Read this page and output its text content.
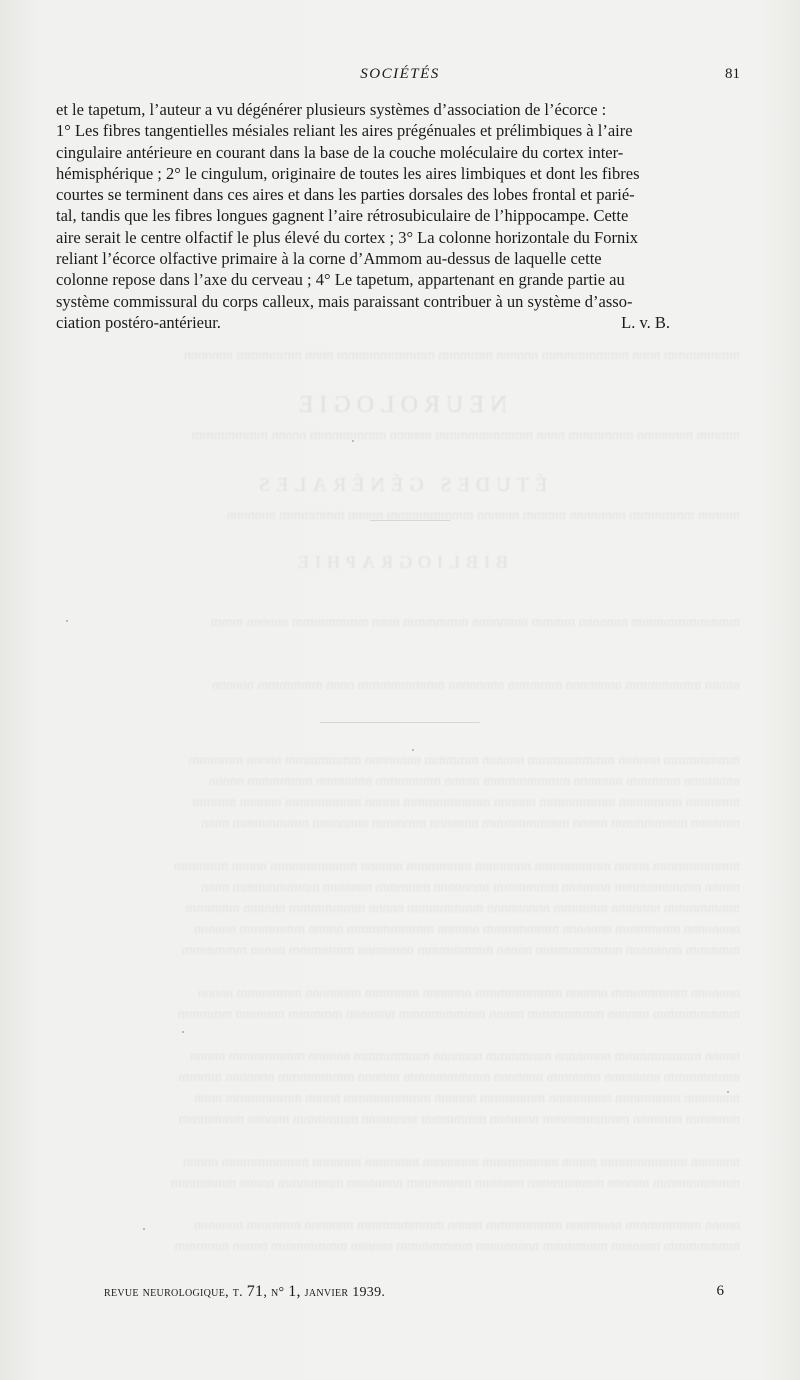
NEUROLOGIE
ÉTUDES GÉNÉRALES
BIBLIOGRAPHIE
mmmmmmm nnnn mmmmmmmm nnnnnn mmmmm mmmmmmmmm nnnn mmmmmm nnnnnnn
mmmm nnnnnnnn mmmmmm nnnn mmmmmmmmm nnnnnn mmmmmmm nnnnn mmmmmmm
nnnnnn mmmmmm nnnnnnnn mmmm nnnnnn mmmmmmmm nnnnn mmmmmm nnnnnnn
mmmmmmmmmm nnnnnnn mmmm nnnnnnnn mmmmmm nnnn mmmmmmm nnnnnn mmm
nnnnn mmmmmmm nnnnnnnn mmmmm nnnnnnnn mmmmmmmm nnnn mmmmmm nnnnnn
mmmmmmm nnnnnn mmmmmmmm nnnnnn mmmmm nnnnnnnn mmmmmmm nnnnn mmmmm
nnnnnnnn mmmmm nnnnnnn mmmmmmmm nnnnn mmmmmm nnnnnnnn mmmmmm nnnnn
mmmmm nnnnnnnnn mmmmmmm nnnnnn mmmmmmmm nnnnn mmmmmmm nnnnnn mmmm
nnnnnnn mmmmmmm nnnnn mmmmmmmm nnnnnnn mmmmm nnnnnnnn mmmmmmm nnnn
mmmmmmmm nnnnn mmmmmmm nnnnnnnn mmmmmm nnnnnn mmmmmmmm nnnnn mmmmm
nnnnn mmmmmmmm nnnnnnn mmmmmm nnnnnnnn mmmmm nnnnnnn mmmmmmmm nnnn
mmmmmmm nnnnnnn mmmmm nnnnnnnnn mmmmmmm nnnnn mmmmmmm nnnnnn mmmmm
nnnnnnnn mmmmmm nnnnnnn mmmmmmm nnnnnn mmmmmmmm nnnnn mmmmmm nnnnnn
mmmmm nnnnnnnn mmmmmmmm nnnnn mmmmmmm nnnnnnnn mmmmmm nnnnn mmmmmm
nnnnnnn mmmmmmm nnnnnn mmmmmmmm nnnnnnn mmmmm nnnnnnnn mmmmmm nnnnn
mmmmmmmm nnnnnn mmmmmmm nnnnn mmmmmmmm nnnnnnn mmmmm nnnnnnn mmmmm
nnnnn mmmmmmmm nnnnnnnn mmmmmm nnnnnnn mmmmmmm nnnnnn mmmmmmm nnnnn
mmmmmmm nnnnnnnn mmmmm nnnnnnn mmmmmmmm nnnnnn mmmmmmm nnnnnnn mmmm
nnnnnnnn mmmmmm nnnnnnnnn mmmmmm nnnnnn mmmmmmmm nnnnn mmmmmmm nnnn
mmmmm nnnnnnn mmmmmmmm nnnnnnn mmmmmm nnnnnnnn mmmmmm nnnnnn mmmmmm
nnnnnnn mmmmmmmm nnnnn mmmmmmm nnnnnnnn mmmmm nnnnnnn mmmmmmmm nnnnn
mmmmmmmm nnnnnn mmmmmmm nnnnnnn mmmmmm nnnnnnnn mmmmmm nnnnn mmmmmm
nnnnn mmmmmmm nnnnnnnn mmmmmmm nnnnn mmmmmmmm nnnnnnn mmmmm nnnnnnn
mmmmmmm nnnnnnn mmmmmm nnnnnnnnn mmmmmmm nnnnnn mmmmmmm nnnnn mmmmm
SOCIÉTÉS	81
et le tapetum, l’auteur a vu dégénérer plusieurs systèmes d’association de l’écorce :
1° Les fibres tangentielles mésiales reliant les aires prégénuales et prélimbiques à l’aire
cingulaire antérieure en courant dans la base de la couche moléculaire du cortex inter-
hémisphérique ; 2° le cingulum, originaire de toutes les aires limbiques et dont les fibres
courtes se terminent dans ces aires et dans les parties dorsales des lobes frontal et parié-
tal, tandis que les fibres longues gagnent l’aire rétrosubiculaire de l’hippocampe. Cette
aire serait le centre olfactif le plus élevé du cortex ; 3° La colonne horizontale du Fornix
reliant l’écorce olfactive primaire à la corne d’Ammom au-dessus de laquelle cette
colonne repose dans l’axe du cerveau ; 4° Le tapetum, appartenant en grande partie au
système commissural du corps calleux, mais paraissant contribuer à un système d’asso-
ciation postéro-antérieur.	L. v. B.
revue neurologique, t. 71, n° 1, janvier 1939.	6
